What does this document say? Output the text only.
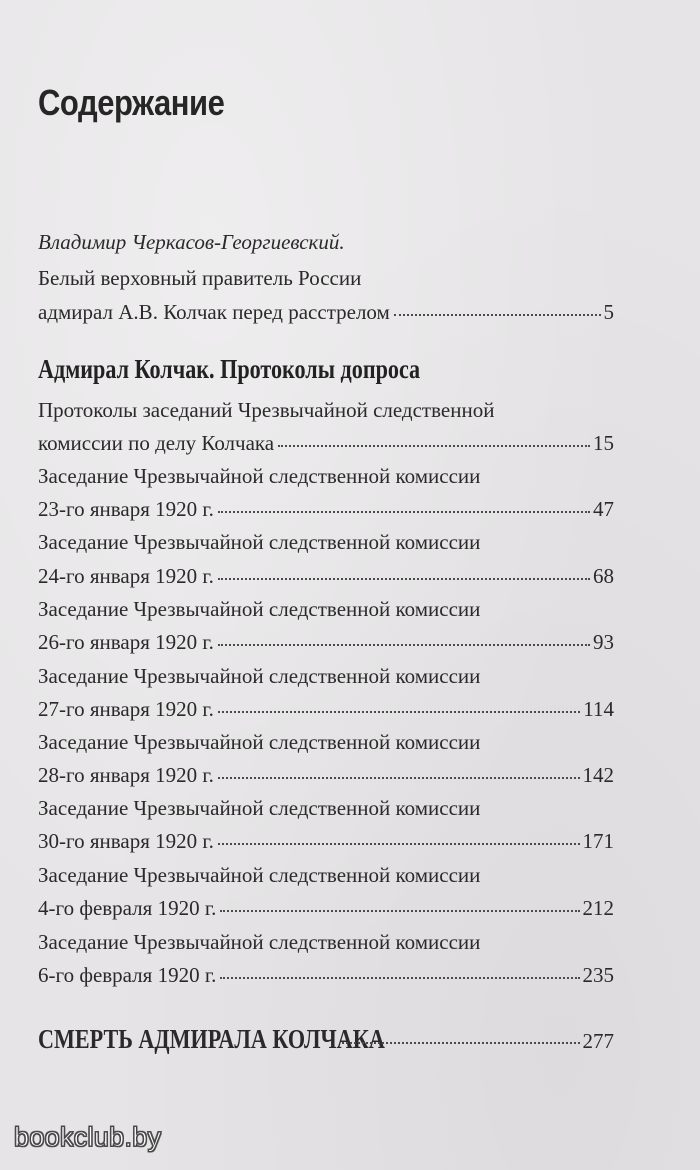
Содержание
Владимир Черкасов-Георгиевский.
Белый верховный правитель России
адмирал А.В. Колчак перед расстрелом	5
Адмирал Колчак. Протоколы допроса
Протоколы заседаний Чрезвычайной следственной
комиссии по делу Колчака	15
Заседание Чрезвычайной следственной комиссии
23-го января 1920 г.	47
Заседание Чрезвычайной следственной комиссии
24-го января 1920 г.	68
Заседание Чрезвычайной следственной комиссии
26-го января 1920 г.	93
Заседание Чрезвычайной следственной комиссии
27-го января 1920 г.	114
Заседание Чрезвычайной следственной комиссии
28-го января 1920 г.	142
Заседание Чрезвычайной следственной комиссии
30-го января 1920 г.	171
Заседание Чрезвычайной следственной комиссии
4-го февраля 1920 г.	212
Заседание Чрезвычайной следственной комиссии
6-го февраля 1920 г.	235
СМЕРТЬ АДМИРАЛА КОЛЧАКА	277
bookclub.by
